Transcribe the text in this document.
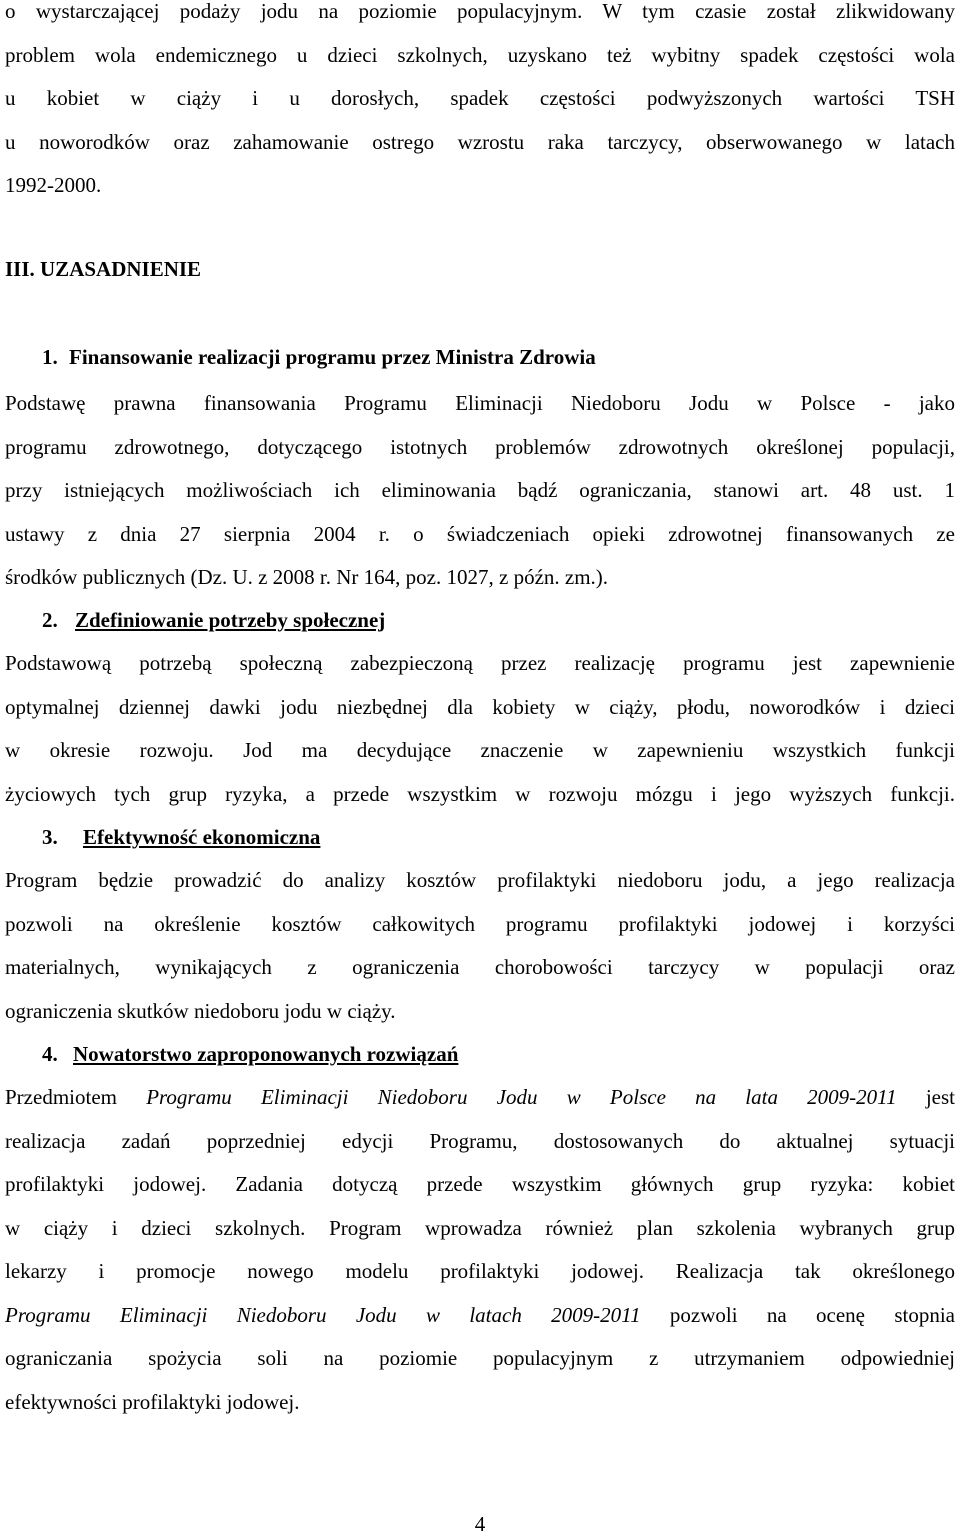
o wystarczającej podaży jodu na poziomie populacyjnym. W tym czasie został zlikwidowany
problem wola endemicznego u dzieci szkolnych, uzyskano też wybitny spadek częstości wola
u kobiet w ciąży i u dorosłych, spadek częstości podwyższonych wartości TSH
u noworodków oraz zahamowanie ostrego wzrostu raka tarczycy, obserwowanego w latach
1992-2000.
III. UZASADNIENIE
1. Finansowanie realizacji programu przez Ministra Zdrowia
Podstawę prawna finansowania Programu Eliminacji Niedoboru Jodu w Polsce - jako
programu zdrowotnego, dotyczącego istotnych problemów zdrowotnych określonej populacji,
przy istniejących możliwościach ich eliminowania bądź ograniczania, stanowi art. 48 ust. 1
ustawy z dnia 27 sierpnia 2004 r. o świadczeniach opieki zdrowotnej finansowanych ze
środków publicznych (Dz. U. z 2008 r. Nr 164, poz. 1027, z późn. zm.).
2. Zdefiniowanie potrzeby społecznej
Podstawową potrzebą społeczną zabezpieczoną przez realizację programu jest zapewnienie
optymalnej dziennej dawki jodu niezbędnej dla kobiety w ciąży, płodu, noworodków i dzieci
w okresie rozwoju. Jod ma decydujące znaczenie w zapewnieniu wszystkich funkcji
życiowych tych grup ryzyka, a przede wszystkim w rozwoju mózgu i jego wyższych funkcji.
3. Efektywność ekonomiczna
Program będzie prowadzić do analizy kosztów profilaktyki niedoboru jodu, a jego realizacja
pozwoli na określenie kosztów całkowitych programu profilaktyki jodowej i korzyści
materialnych, wynikających z ograniczenia chorobowości tarczycy w populacji oraz
ograniczenia skutków niedoboru jodu w ciąży.
4. Nowatorstwo zaproponowanych rozwiązań
Przedmiotem Programu Eliminacji Niedoboru Jodu w Polsce na lata 2009-2011 jest
realizacja zadań poprzedniej edycji Programu, dostosowanych do aktualnej sytuacji
profilaktyki jodowej. Zadania dotyczą przede wszystkim głównych grup ryzyka: kobiet
w ciąży i dzieci szkolnych. Program wprowadza również plan szkolenia wybranych grup
lekarzy i promocje nowego modelu profilaktyki jodowej. Realizacja tak określonego
Programu Eliminacji Niedoboru Jodu w latach 2009-2011 pozwoli na ocenę stopnia
ograniczania spożycia soli na poziomie populacyjnym z utrzymaniem odpowiedniej
efektywności profilaktyki jodowej.
4
